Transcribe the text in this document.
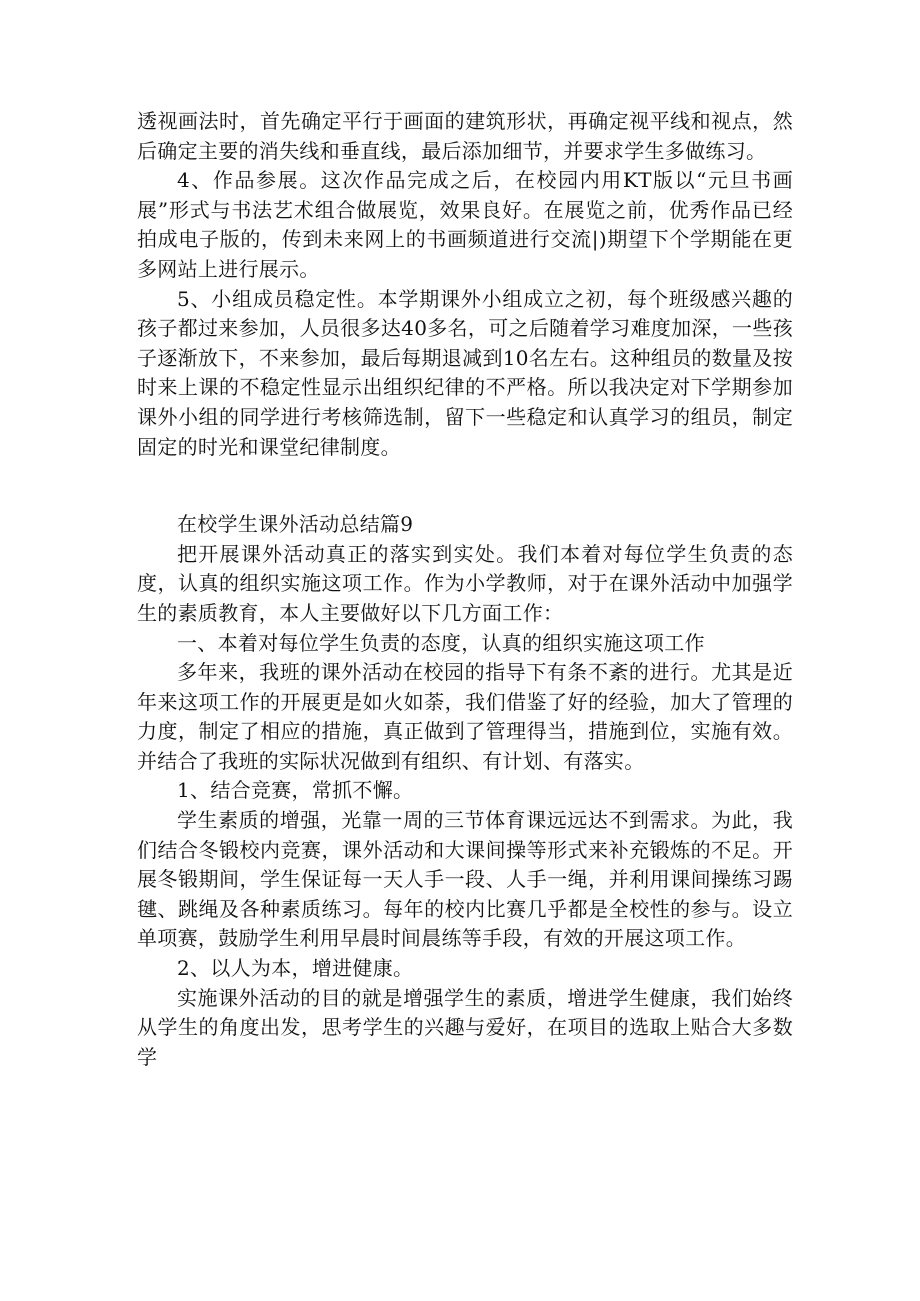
透视画法时，首先确定平行于画面的建筑形状，再确定视平线和视点，然后确定主要的消失线和垂直线，最后添加细节，并要求学生多做练习。

4、作品参展。这次作品完成之后，在校园内用KT版以“元旦书画展”形式与书法艺术组合做展览，效果良好。在展览之前，优秀作品已经拍成电子版的，传到未来网上的书画频道进行交流|)期望下个学期能在更多网站上进行展示。

5、小组成员稳定性。本学期课外小组成立之初，每个班级感兴趣的孩子都过来参加，人员很多达40多名，可之后随着学习难度加深，一些孩子逐渐放下，不来参加，最后每期退减到10名左右。这种组员的数量及按时来上课的不稳定性显示出组织纪律的不严格。所以我决定对下学期参加课外小组的同学进行考核筛选制，留下一些稳定和认真学习的组员，制定固定的时光和课堂纪律制度。

在校学生课外活动总结篇9

把开展课外活动真正的落实到实处。我们本着对每位学生负责的态度，认真的组织实施这项工作。作为小学教师，对于在课外活动中加强学生的素质教育，本人主要做好以下几方面工作：

一、本着对每位学生负责的态度，认真的组织实施这项工作

多年来，我班的课外活动在校园的指导下有条不紊的进行。尤其是近年来这项工作的开展更是如火如荼，我们借鉴了好的经验，加大了管理的力度，制定了相应的措施，真正做到了管理得当，措施到位，实施有效。并结合了我班的实际状况做到有组织、有计划、有落实。

1、结合竞赛，常抓不懈。

学生素质的增强，光靠一周的三节体育课远远达不到需求。为此，我们结合冬锻校内竞赛，课外活动和大课间操等形式来补充锻炼的不足。开展冬锻期间，学生保证每一天人手一段、人手一绳，并利用课间操练习踢毽、跳绳及各种素质练习。每年的校内比赛几乎都是全校性的参与。设立单项赛，鼓励学生利用早晨时间晨练等手段，有效的开展这项工作。

2、以人为本，增进健康。

实施课外活动的目的就是增强学生的素质，增进学生健康，我们始终从学生的角度出发，思考学生的兴趣与爱好，在项目的选取上贴合大多数学
